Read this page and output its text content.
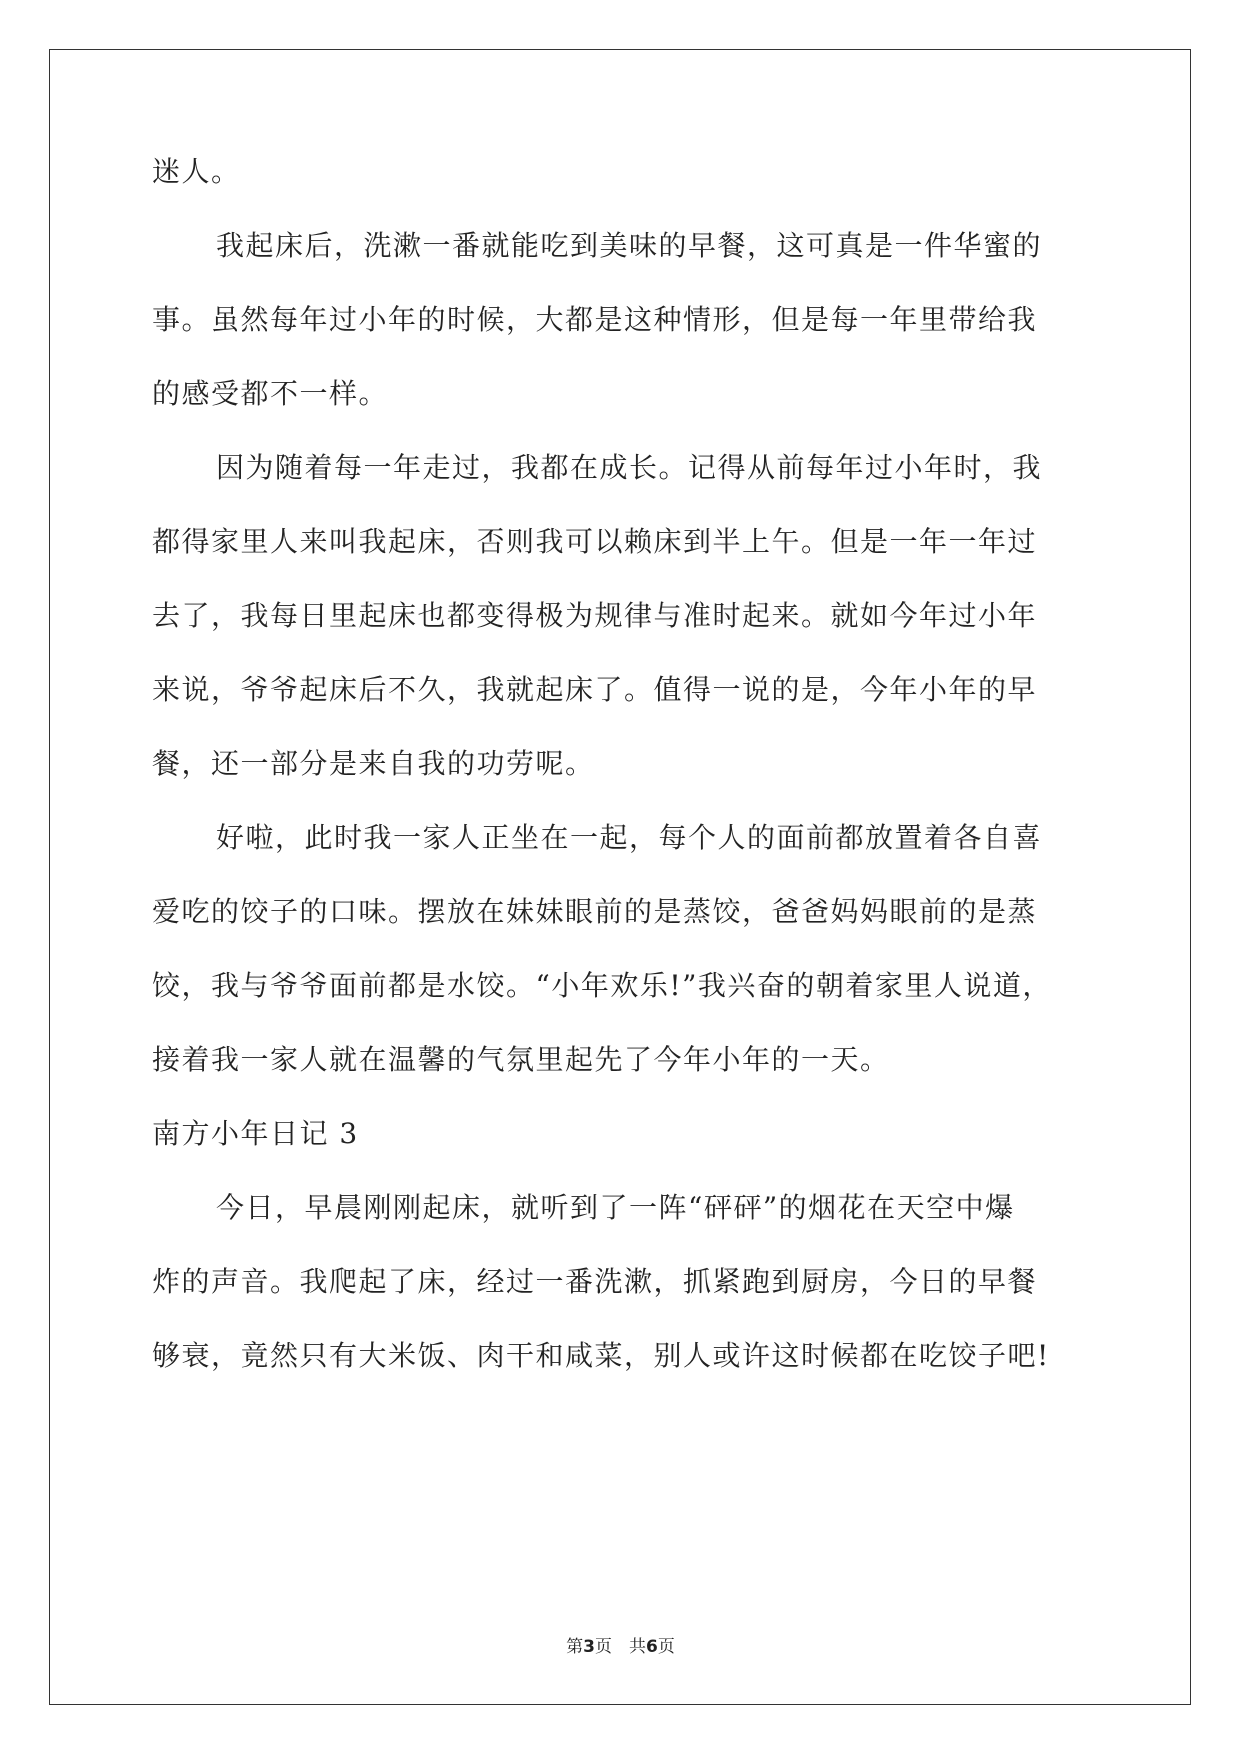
迷人。
我起床后，洗漱一番就能吃到美味的早餐，这可真是一件华蜜的
事。虽然每年过小年的时候，大都是这种情形，但是每一年里带给我
的感受都不一样。
因为随着每一年走过，我都在成长。记得从前每年过小年时，我
都得家里人来叫我起床，否则我可以赖床到半上午。但是一年一年过
去了，我每日里起床也都变得极为规律与准时起来。就如今年过小年
来说，爷爷起床后不久，我就起床了。值得一说的是，今年小年的早
餐，还一部分是来自我的功劳呢。
好啦，此时我一家人正坐在一起，每个人的面前都放置着各自喜
爱吃的饺子的口味。摆放在妹妹眼前的是蒸饺，爸爸妈妈眼前的是蒸
饺，我与爷爷面前都是水饺。“小年欢乐!”我兴奋的朝着家里人说道，
接着我一家人就在温馨的气氛里起先了今年小年的一天。
南方小年日记 3
今日，早晨刚刚起床，就听到了一阵“砰砰”的烟花在天空中爆
炸的声音。我爬起了床，经过一番洗漱，抓紧跑到厨房，今日的早餐
够衰，竟然只有大米饭、肉干和咸菜，别人或许这时候都在吃饺子吧!
第3页　共6页
